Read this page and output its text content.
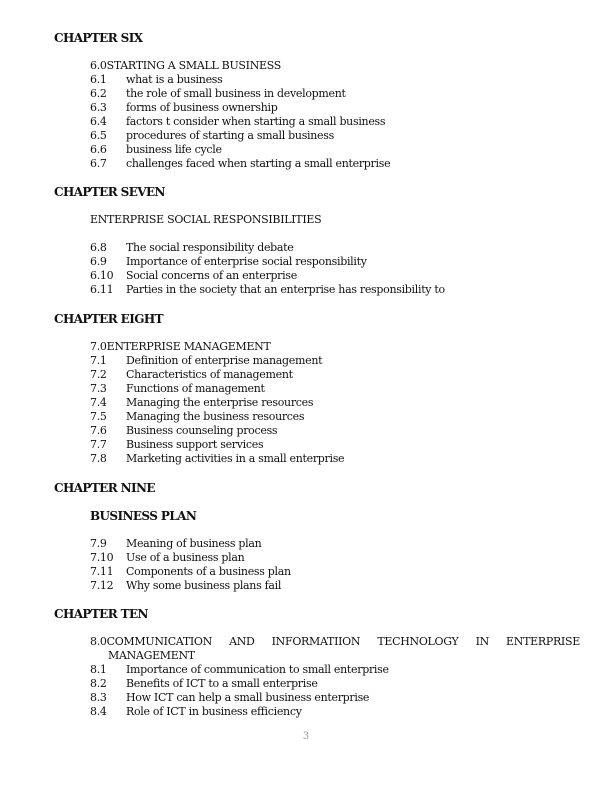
CHAPTER SIX
6.0STARTING A SMALL BUSINESS
6.1	what is a business
6.2	the role of small business in development
6.3	forms of business ownership
6.4	factors t consider when starting a small business
6.5	procedures of starting a small business
6.6	business life cycle
6.7	challenges faced when starting a small enterprise
CHAPTER SEVEN
ENTERPRISE SOCIAL RESPONSIBILITIES
6.8	The social responsibility debate
6.9	Importance of enterprise social responsibility
6.10	Social concerns of an enterprise
6.11	Parties in the society that an enterprise has responsibility to
CHAPTER EIGHT
7.0ENTERPRISE MANAGEMENT
7.1	Definition of enterprise management
7.2	Characteristics of management
7.3	Functions of management
7.4	Managing the enterprise resources
7.5	Managing the business resources
7.6	Business counseling process
7.7	Business support services
7.8	Marketing activities in a small enterprise
CHAPTER NINE
BUSINESS PLAN
7.9	Meaning of business plan
7.10	Use of a business plan
7.11	Components of a business plan
7.12	Why some business plans fail
CHAPTER TEN
8.0COMMUNICATION AND INFORMATIION TECHNOLOGY IN ENTERPRISE
MANAGEMENT
8.1	Importance of communication to small enterprise
8.2	Benefits of ICT to a small enterprise
8.3	How ICT can help a small business enterprise
8.4	Role of ICT in business efficiency
3
